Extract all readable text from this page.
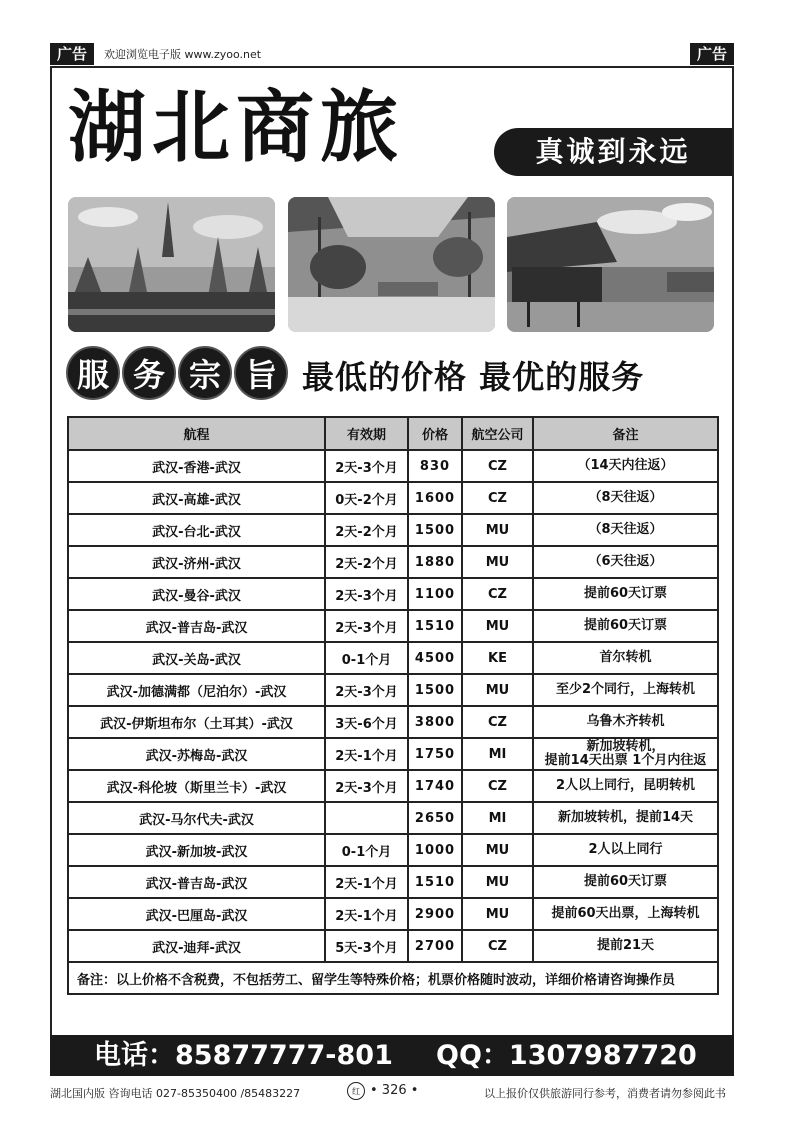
广告	欢迎浏览电子版 www.zyoo.net	广告
湖北商旅	真诚到永远
服 务 宗 旨 最低的价格 最优的服务
航程	有效期	价格	航空公司	备注
武汉-香港-武汉	2天-3个月	830	CZ	（14天内往返）
武汉-高雄-武汉	0天-2个月	1600	CZ	（8天往返）
武汉-台北-武汉	2天-2个月	1500	MU	（8天往返）
武汉-济州-武汉	2天-2个月	1880	MU	（6天往返）
武汉-曼谷-武汉	2天-3个月	1100	CZ	提前60天订票
武汉-普吉岛-武汉	2天-3个月	1510	MU	提前60天订票
武汉-关岛-武汉	0-1个月	4500	KE	首尔转机
武汉-加德满都（尼泊尔）-武汉	2天-3个月	1500	MU	至少2个同行，上海转机
武汉-伊斯坦布尔（土耳其）-武汉	3天-6个月	3800	CZ	乌鲁木齐转机
武汉-苏梅岛-武汉	2天-1个月	1750	MI	新加坡转机，
提前14天出票 1个月内往返

武汉-科伦坡（斯里兰卡）-武汉	2天-3个月	1740	CZ	2人以上同行，昆明转机
武汉-马尔代夫-武汉		2650	MI	新加坡转机，提前14天
武汉-新加坡-武汉	0-1个月	1000	MU	2人以上同行
武汉-普吉岛-武汉	2天-1个月	1510	MU	提前60天订票
武汉-巴厘岛-武汉	2天-1个月	2900	MU	提前60天出票，上海转机
武汉-迪拜-武汉	5天-3个月	2700	CZ	提前21天
备注：以上价格不含税费，不包括劳工、留学生等特殊价格；机票价格随时波动，详细价格请咨询操作员				
电话：85877777-801 QQ：1307987720
湖北国内版 咨询电话 027-85350400 /85483227	红 • 326 •	以上报价仅供旅游同行参考，消费者请勿参阅此书
